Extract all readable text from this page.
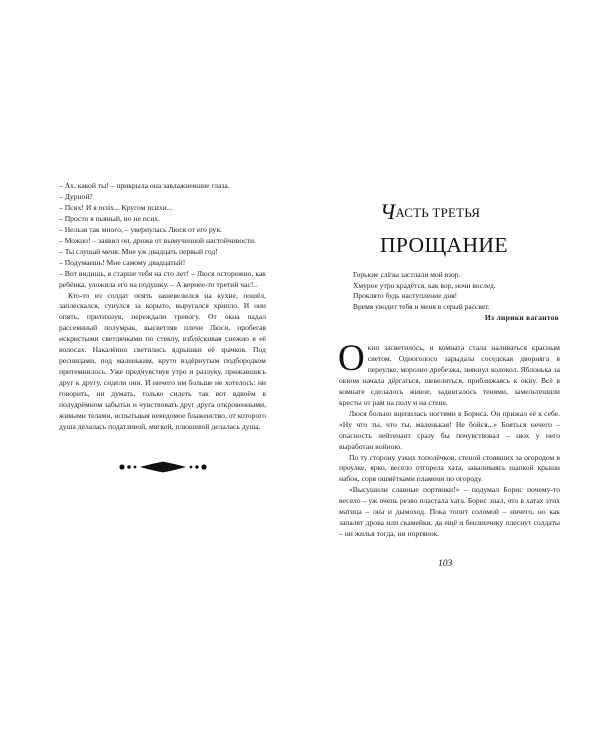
– Ах, какой ты! – прикрыла она завлажневшие глаза.

– Дурной?

– Псих! И я псих... Кругом психи...

– Просто я пьяный, но не псих.

– Нельзя так много, – увернулась Люся от его рук.

– Можно! – заявил он, дрожа от вымученной настойчивости.

– Ты слушай меня. Мне уж двадцать первый год!

– Подумаешь! Мне самому двадцатый!

– Вот видишь, я старше тебя на сто лет! – Люся осторожно, как ребёнка, уложила его на подушку. – А вернее-то третий час!..

Кто-то из солдат опять зашевелился на кухне, пошёл, заплескался, сунулся за корыто, выругался хрипло. И они опять, притихнув, переждали тревогу. От окна падал рассеянный полумрак, высветляя плечи Люси, пробегая искристыми светлячками по стеклу, взблёскивая снежно в её волосах. Накалённо светились ядрышки её зрачков. Под ресницами, под маленьким, круто вздёрнутым подбородком притемнилось. Уже предчувствуя утро и разлуку, прижавшись друг к другу, сидели они. И ничего им больше не хотелось: ни говорить, ни думать, только сидеть так вот вдвоём в полудрёмном забытьи и чувствовать друг друга откровенными, живыми телами, испытывая неведомое блаженство, от которого душа делалась податливой, мягкой, плюшевой делалась душа.

ЧАСТЬ ТРЕТЬЯ
ПРОЩАНИЕ

Горькие слёзы застлали мой взор.

Хмурое утро крадётся, как вор, ночи вослед.

Проклято будь наступление дня!

Время уводит тебя и меня в серый рассвет.

Из лирики вагантов

Окно засветилось, и комната стала наливаться красным светом. Одноголосо зарыдала соседская дворняга в переулке, морозно дребезжа, звякнул колокол. Яблонька за окном начала дёргаться, шевелиться, приближаясь к окну. Всё в комнате сделалось живое, задвигалось тенями, замельтешили кресты от рам на полу и на стене.

Люся больно вцепилась ногтями в Бориса. Он прижал её к себе. «Ну что ты, что ты, маленькая! Не бойся...» Бояться нечего – опасность лейтенант сразу бы почувствовал – нюх у него выработан войною.

По ту сторону узких тополёчков, стеной стоявших за огородом в проулке, ярко, весело отгорела хата, заваливаясь шапкой крыши набок, соря ошмётками пламени по огороду.

«Высушили славные портянки!» – подумал Борис почему-то весело – уж очень резво пластала хата. Борис знал, что в хатах этих матица – она и дымоход. Пока топит соломой – ничего, но как запалят дрова или скамейки, да ещё и бензинчику плеснут солдаты – ни жилья тогда, ни портянок.

103
